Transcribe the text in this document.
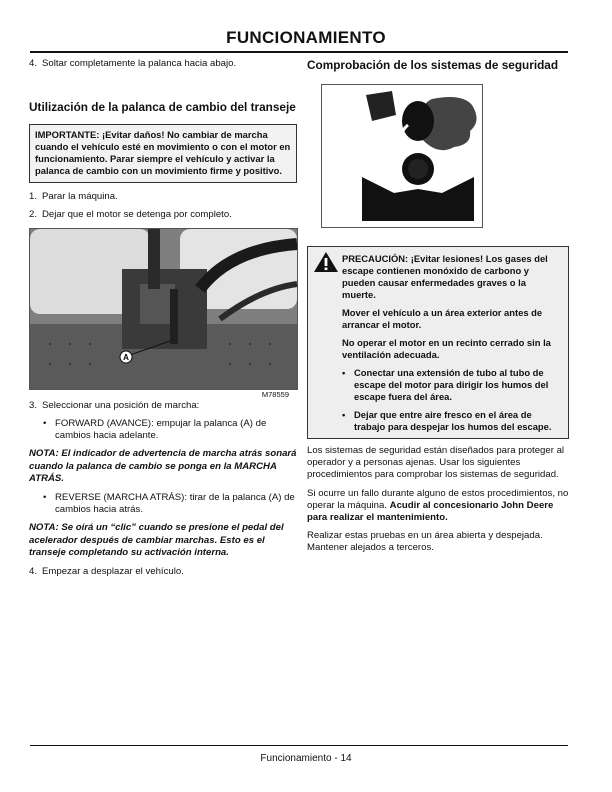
FUNCIONAMIENTO
4. Soltar completamente la palanca hacia abajo.
Utilización de la palanca de cambio del transeje

IMPORTANTE: ¡Evitar daños! No cambiar de marcha cuando el vehículo esté en movimiento o con el motor en funcionamiento. Parar siempre el vehículo y activar la palanca de cambio con un movimiento firme y positivo.

1. Parar la máquina.
2. Dejar que el motor se detenga por completo.
A
M78559
3. Seleccionar una posición de marcha:
• FORWARD (AVANCE): empujar la palanca (A) de cambios hacia adelante.

NOTA: El indicador de advertencia de marcha atrás sonará cuando la palanca de cambio se ponga en la MARCHA ATRÁS.

• REVERSE (MARCHA ATRÁS): tirar de la palanca (A) de cambios hacia atrás.

NOTA: Se oirá un “clic” cuando se presione el pedal del acelerador después de cambiar marchas. Esto es el transeje completando su activación interna.

4. Empezar a desplazar el vehículo.
Comprobación de los sistemas de seguridad

PRECAUCIÓN: ¡Evitar lesiones! Los gases del escape contienen monóxido de carbono y pueden causar enfermedades graves o la muerte.

Mover el vehículo a un área exterior antes de arrancar el motor.

No operar el motor en un recinto cerrado sin la ventilación adecuada.

• Conectar una extensión de tubo al tubo de escape del motor para dirigir los humos del escape fuera del área.
• Dejar que entre aire fresco en el área de trabajo para despejar los humos del escape.

Los sistemas de seguridad están diseñados para proteger al operador y a personas ajenas. Usar los siguientes procedimientos para comprobar los sistemas de seguridad.

Si ocurre un fallo durante alguno de estos procedimientos, no operar la máquina. Acudir al concesionario John Deere para realizar el mantenimiento.

Realizar estas pruebas en un área abierta y despejada. Mantener alejados a terceros.

Funcionamiento - 14
